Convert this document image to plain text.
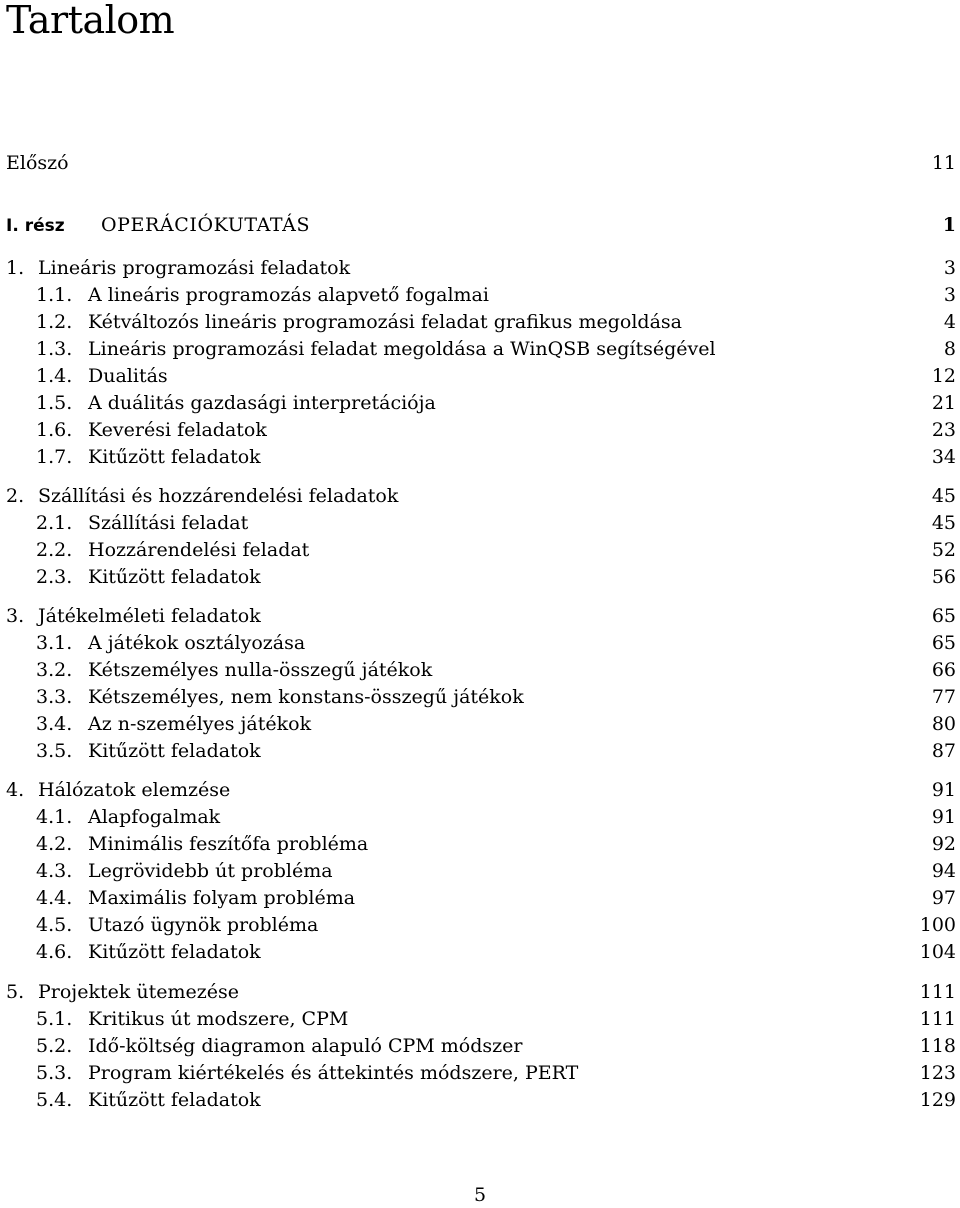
Tartalom
Előszó	11
I. rész	OPERÁCIÓKUTATÁS	1
1. Lineáris programozási feladatok	3
1.1. A lineáris programozás alapvető fogalmai	3
1.2. Kétváltozós lineáris programozási feladat grafikus megoldása	4
1.3. Lineáris programozási feladat megoldása a WinQSB segítségével	8
1.4. Dualitás	12
1.5. A duálitás gazdasági interpretációja	21
1.6. Keverési feladatok	23
1.7. Kitűzött feladatok	34
2. Szállítási és hozzárendelési feladatok	45
2.1. Szállítási feladat	45
2.2. Hozzárendelési feladat	52
2.3. Kitűzött feladatok	56
3. Játékelméleti feladatok	65
3.1. A játékok osztályozása	65
3.2. Kétszemélyes nulla-összegű játékok	66
3.3. Kétszemélyes, nem konstans-összegű játékok	77
3.4. Az n-személyes játékok	80
3.5. Kitűzött feladatok	87
4. Hálózatok elemzése	91
4.1. Alapfogalmak	91
4.2. Minimális feszítőfa probléma	92
4.3. Legrövidebb út probléma	94
4.4. Maximális folyam probléma	97
4.5. Utazó ügynök probléma	100
4.6. Kitűzött feladatok	104
5. Projektek ütemezése	111
5.1. Kritikus út modszere, CPM	111
5.2. Idő-költség diagramon alapuló CPM módszer	118
5.3. Program kiértékelés és áttekintés módszere, PERT	123
5.4. Kitűzött feladatok	129
5
